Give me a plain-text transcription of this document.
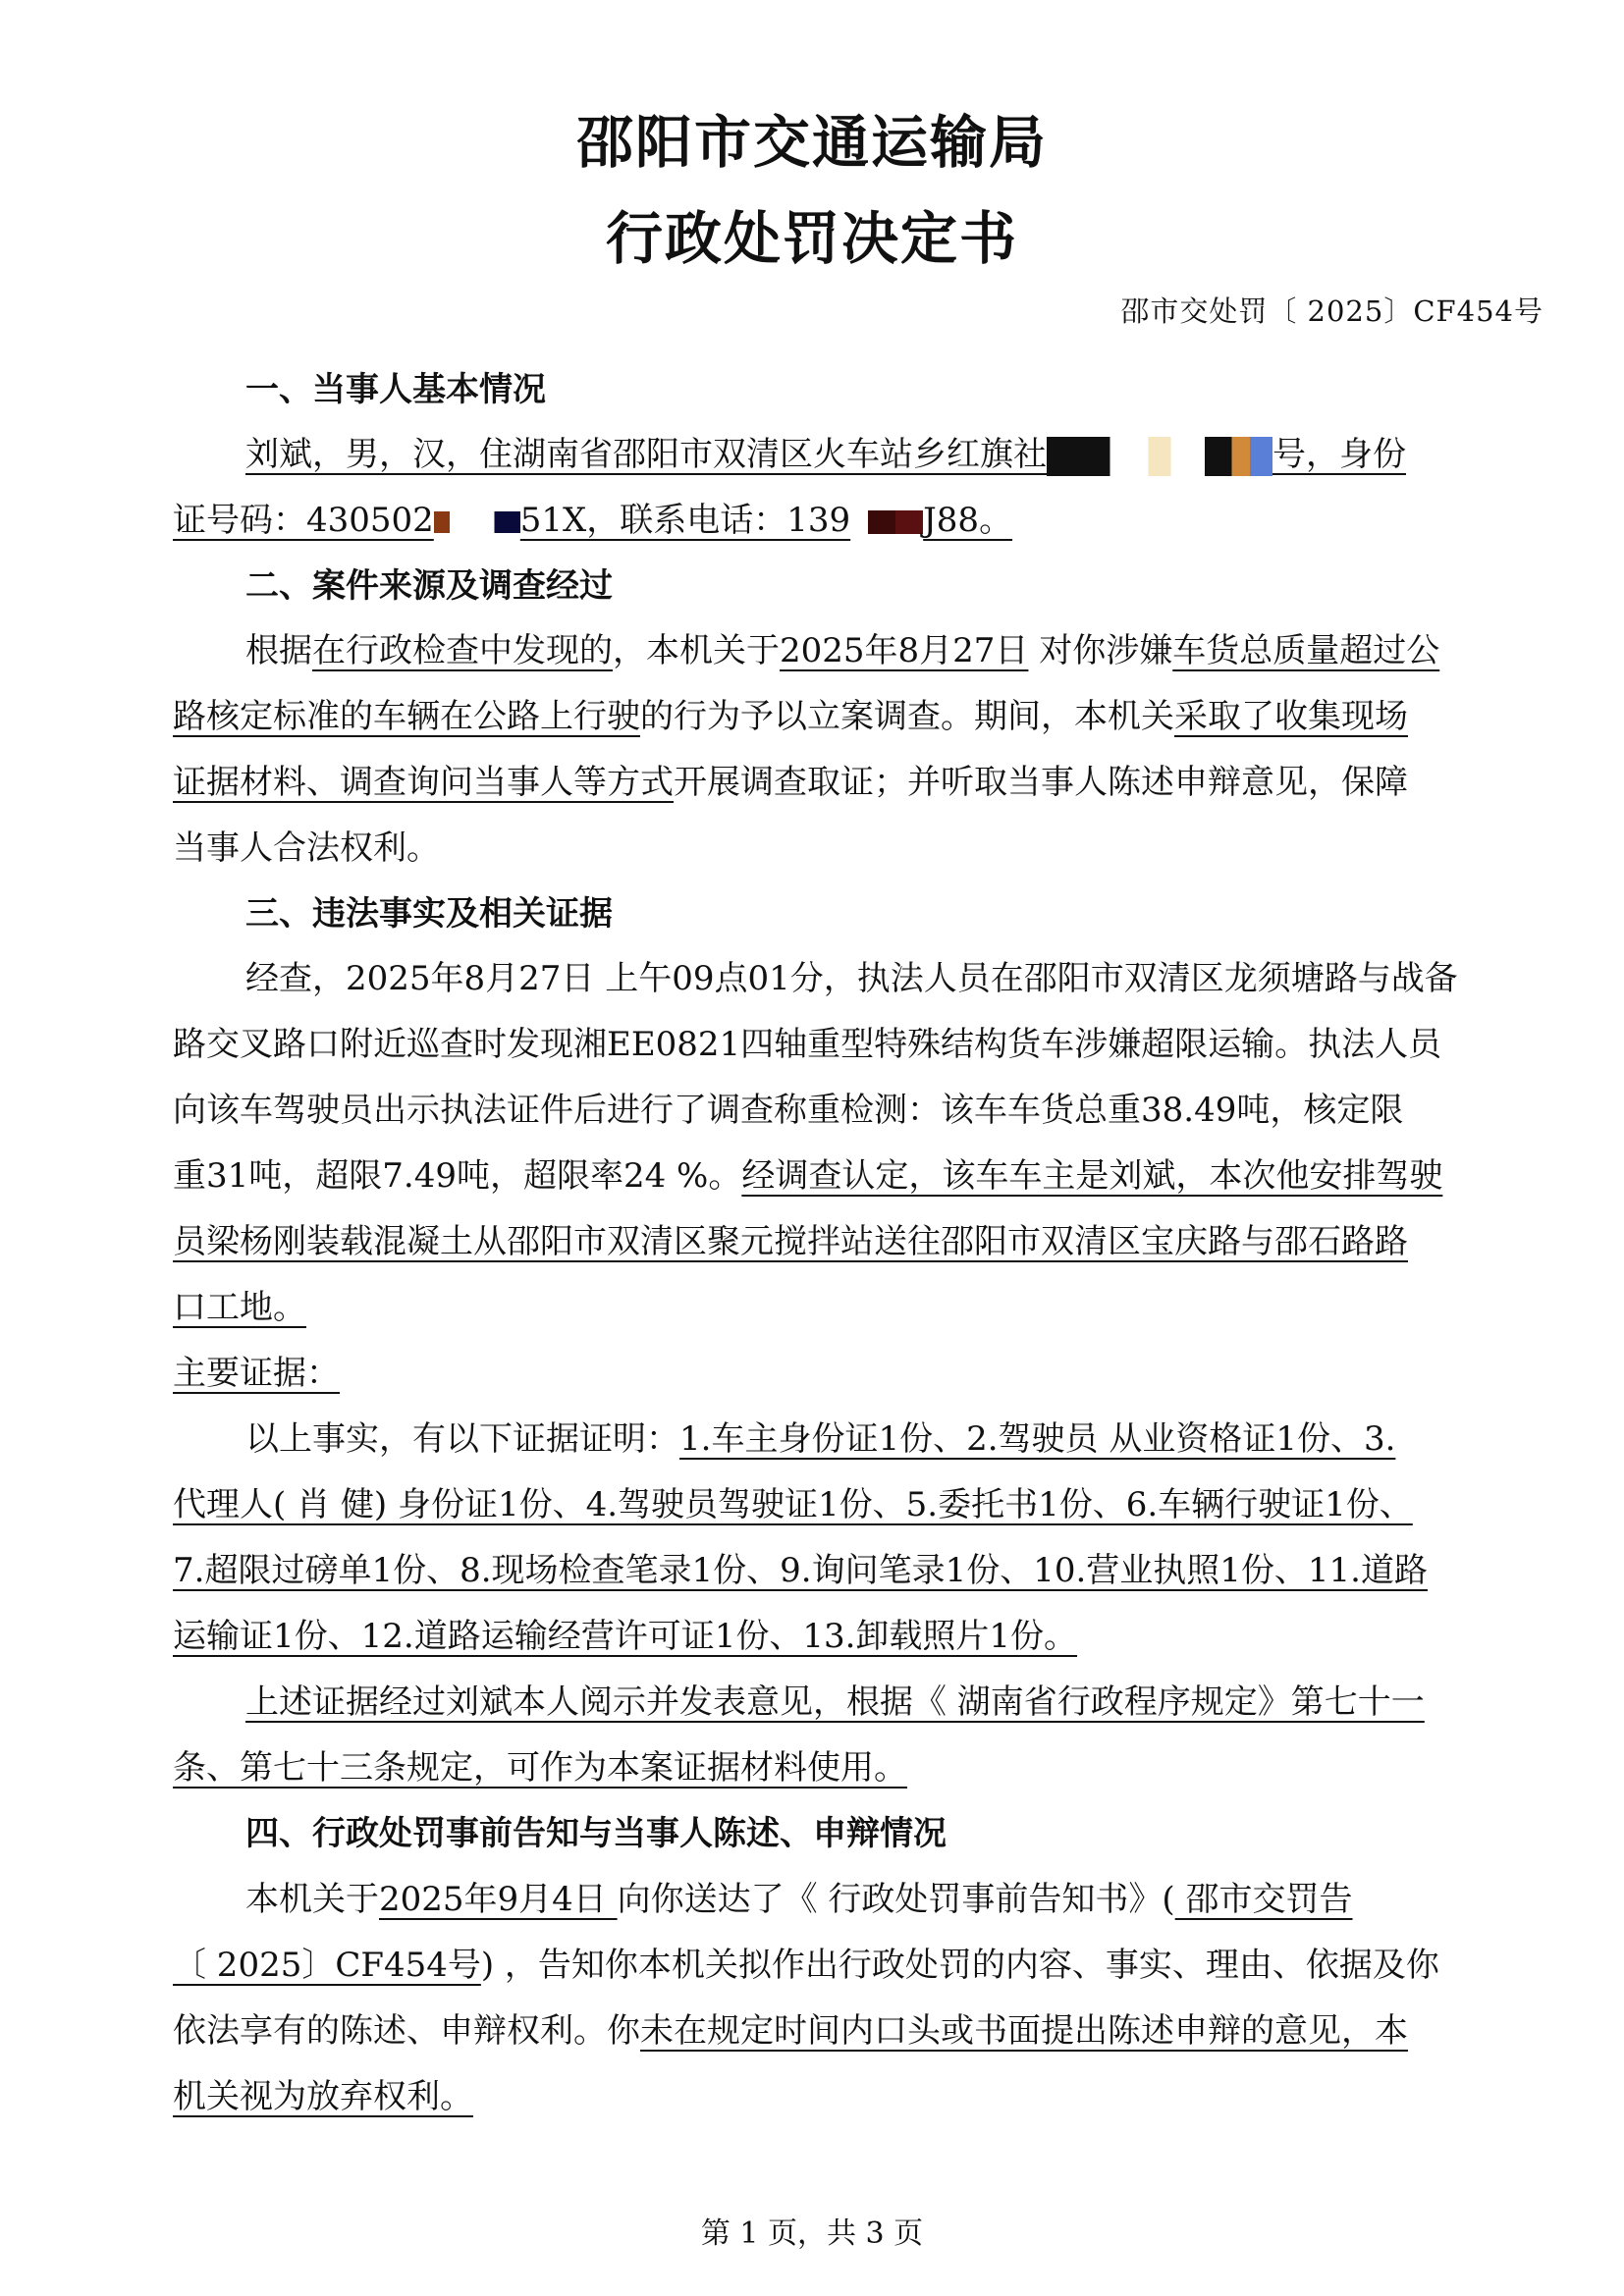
邵阳市交通运输局
行政处罚决定书
邵市交处罚〔 2025〕CF454号
一、当事人基本情况
刘斌，男，汉，住湖南省邵阳市双清区火车站乡红旗社	号，身份
证号码：430502	51X，联系电话：139 J88。
二、案件来源及调查经过
根据在行政检查中发现的，本机关于2025年8月27日 对你涉嫌车货总质量超过公
路核定标准的车辆在公路上行驶的行为予以立案调查。期间，本机关采取了收集现场
证据材料、调查询问当事人等方式开展调查取证；并听取当事人陈述申辩意见，保障
当事人合法权利。
三、违法事实及相关证据
经查，2025年8月27日 上午09点01分，执法人员在邵阳市双清区龙须塘路与战备
路交叉路口附近巡查时发现湘EE0821四轴重型特殊结构货车涉嫌超限运输。执法人员
向该车驾驶员出示执法证件后进行了调查称重检测：该车车货总重38.49吨，核定限
重31吨，超限7.49吨，超限率24 %。经调查认定，该车车主是刘斌，本次他安排驾驶
员梁杨刚装载混凝土从邵阳市双清区聚元搅拌站送往邵阳市双清区宝庆路与邵石路路
口工地。
主要证据：
以上事实，有以下证据证明：1.车主身份证1份、2.驾驶员 从业资格证1份、3.
代理人( 肖 健) 身份证1份、4.驾驶员驾驶证1份、5.委托书1份、6.车辆行驶证1份、
7.超限过磅单1份、8.现场检查笔录1份、9.询问笔录1份、10.营业执照1份、11.道路
运输证1份、12.道路运输经营许可证1份、13.卸载照片1份。
上述证据经过刘斌本人阅示并发表意见，根据《 湖南省行政程序规定》第七十一
条、第七十三条规定，可作为本案证据材料使用。
四、行政处罚事前告知与当事人陈述、申辩情况
本机关于2025年9月4日 向你送达了《 行政处罚事前告知书》( 邵市交罚告
〔 2025〕CF454号) ，告知你本机关拟作出行政处罚的内容、事实、理由、依据及你
依法享有的陈述、申辩权利。你未在规定时间内口头或书面提出陈述申辩的意见，本
机关视为放弃权利。
第 1 页，共 3 页
